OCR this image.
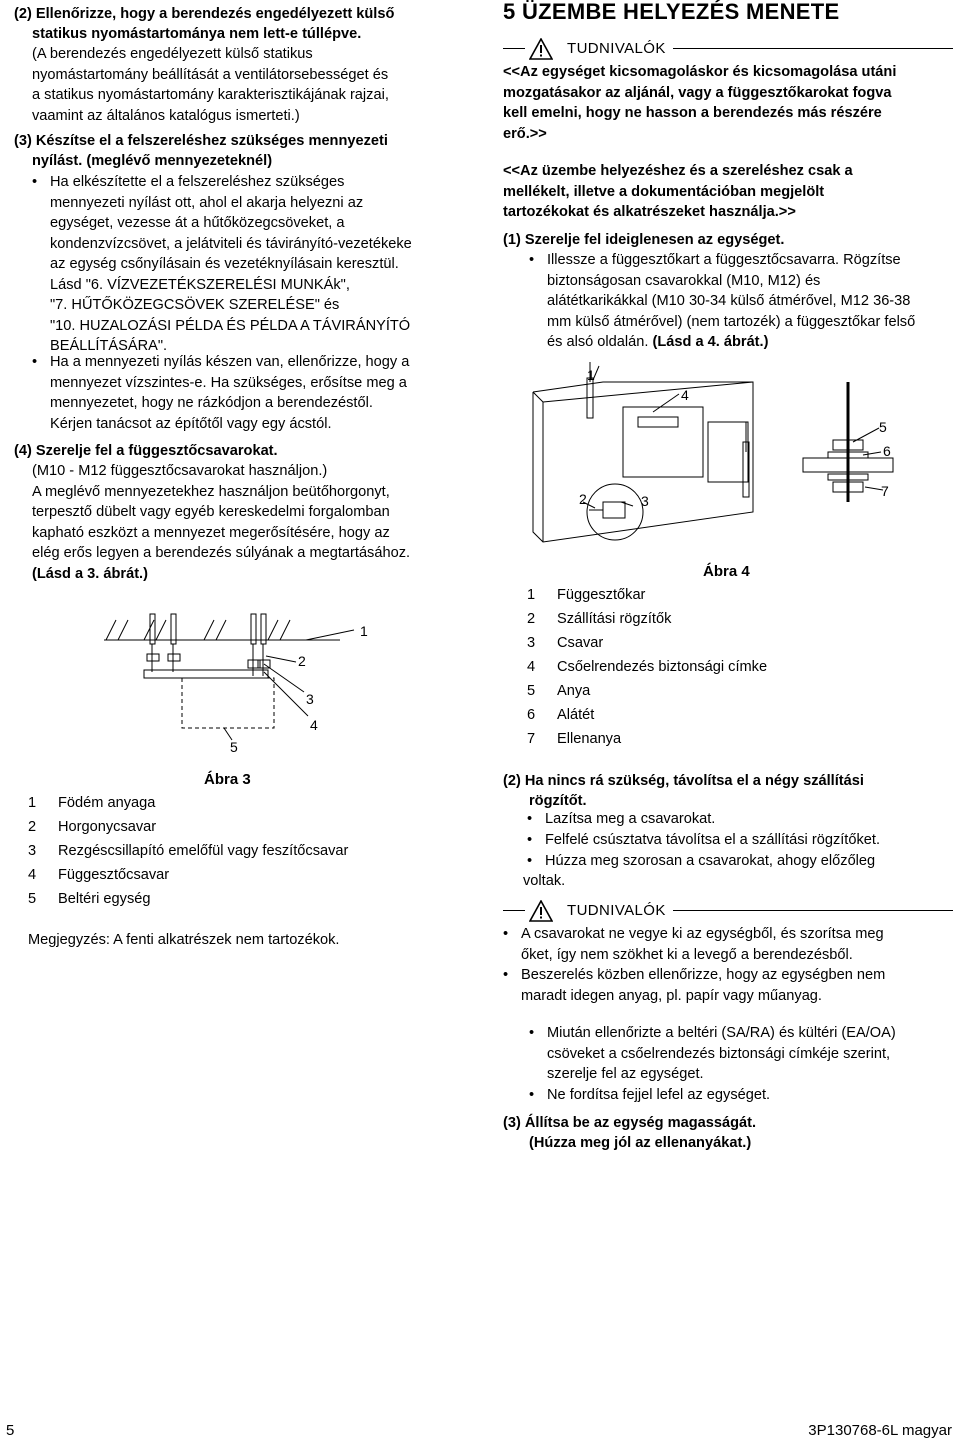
(2) Ellenőrizze, hogy a berendezés engedélyezett külső

statikus nyomástartománya nem lett-e túllépve.

(A berendezés engedélyezett külső statikus

nyomástartomány beállítását a ventilátorsebességet és

a statikus nyomástartomány karakterisztikájának rajzai,

vaamint az általános katalógus ismerteti.)

(3) Készítse el a felszereléshez szükséges mennyezeti

nyílást. (meglévő mennyezeteknél)

• Ha elkészítette el a felszereléshez szükséges

mennyezeti nyílást ott, ahol el akarja helyezni az

egységet, vezesse át a hűtőközegcsöveket, a

kondenzvízcsövet, a jelátviteli és távirányító-vezetékeke

az egység csőnyílásain és vezetéknyílásain keresztül.

Lásd "6. VÍZVEZETÉKSZERELÉSI MUNKÁk",

"7. HŰTŐKÖZEGCSÖVEK SZERELÉSE" és

"10. HUZALOZÁSI PÉLDA ÉS PÉLDA A TÁVIRÁNYÍTÓ

BEÁLLÍTÁSÁRA".

• Ha a mennyezeti nyílás készen van, ellenőrizze, hogy a

mennyezet vízszintes-e. Ha szükséges, erősítse meg a

mennyezetet, hogy ne rázkódjon a berendezéstől.

Kérjen tanácsot az építőtől vagy egy ácstól.

(4) Szerelje fel a függesztőcsavarokat.

(M10 - M12 függesztőcsavarokat használjon.)

A meglévő mennyezetekhez használjon beütőhorgonyt,

terpesztő dübelt vagy egyéb kereskedelmi forgalomban

kapható eszközt a mennyezet megerősítésére, hogy az

elég erős legyen a berendezés súlyának a megtartásához.

(Lásd a 3. ábrát.)

1
2
3
4
5
Ábra 3
1 Födém anyaga
2 Horgonycsavar
3 Rezgéscsillapító emelőfül vagy feszítőcsavar
4 Függesztőcsavar
5 Beltéri egység

Megjegyzés: A fenti alkatrészek nem tartozékok.

5 ÜZEMBE HELYEZÉS MENETE
TUDNIVALÓK

<<Az egységet kicsomagoláskor és kicsomagolása utáni

mozgatásakor az aljánál, vagy a függesztőkarokat fogva

kell emelni, hogy ne hasson a berendezés más részére

erő.>>

<<Az üzembe helyezéshez és a szereléshez csak a

mellékelt, illetve a dokumentációban megjelölt

tartozékokat és alkatrészeket használja.>>

(1) Szerelje fel ideiglenesen az egységet.

• Illessze a függesztőkart a függesztőcsavarra. Rögzítse

biztonságosan csavarokkal (M10, M12) és

alátétkarikákkal (M10 30-34 külső átmérővel, M12 36-38

mm külső átmérővel) (nem tartozék) a függesztőkar felső

és alsó oldalán. (Lásd a 4. ábrát.)

1
4
5
6
7
2	3
Ábra 4
1 Függesztőkar
2 Szállítási rögzítők
3 Csavar
4 Csőelrendezés biztonsági címke
5 Anya
6 Alátét
7 Ellenanya

(2) Ha nincs rá szükség, távolítsa el a négy szállítási

rögzítőt.

• Lazítsa meg a csavarokat.

• Felfelé csúsztatva távolítsa el a szállítási rögzítőket.

• Húzza meg szorosan a csavarokat, ahogy előzőleg

voltak.

TUDNIVALÓK

• A csavarokat ne vegye ki az egységből, és szorítsa meg

őket, így nem szökhet ki a levegő a berendezésből.

• Beszerelés közben ellenőrizze, hogy az egységben nem

maradt idegen anyag, pl. papír vagy műanyag.

• Miután ellenőrizte a beltéri (SA/RA) és kültéri (EA/OA)

csöveket a csőelrendezés biztonsági címkéje szerint,

szerelje fel az egységet.

• Ne fordítsa fejjel lefel az egységet.

(3) Állítsa be az egység magasságát.

(Húzza meg jól az ellenanyákat.)

5	3P130768-6L magyar
